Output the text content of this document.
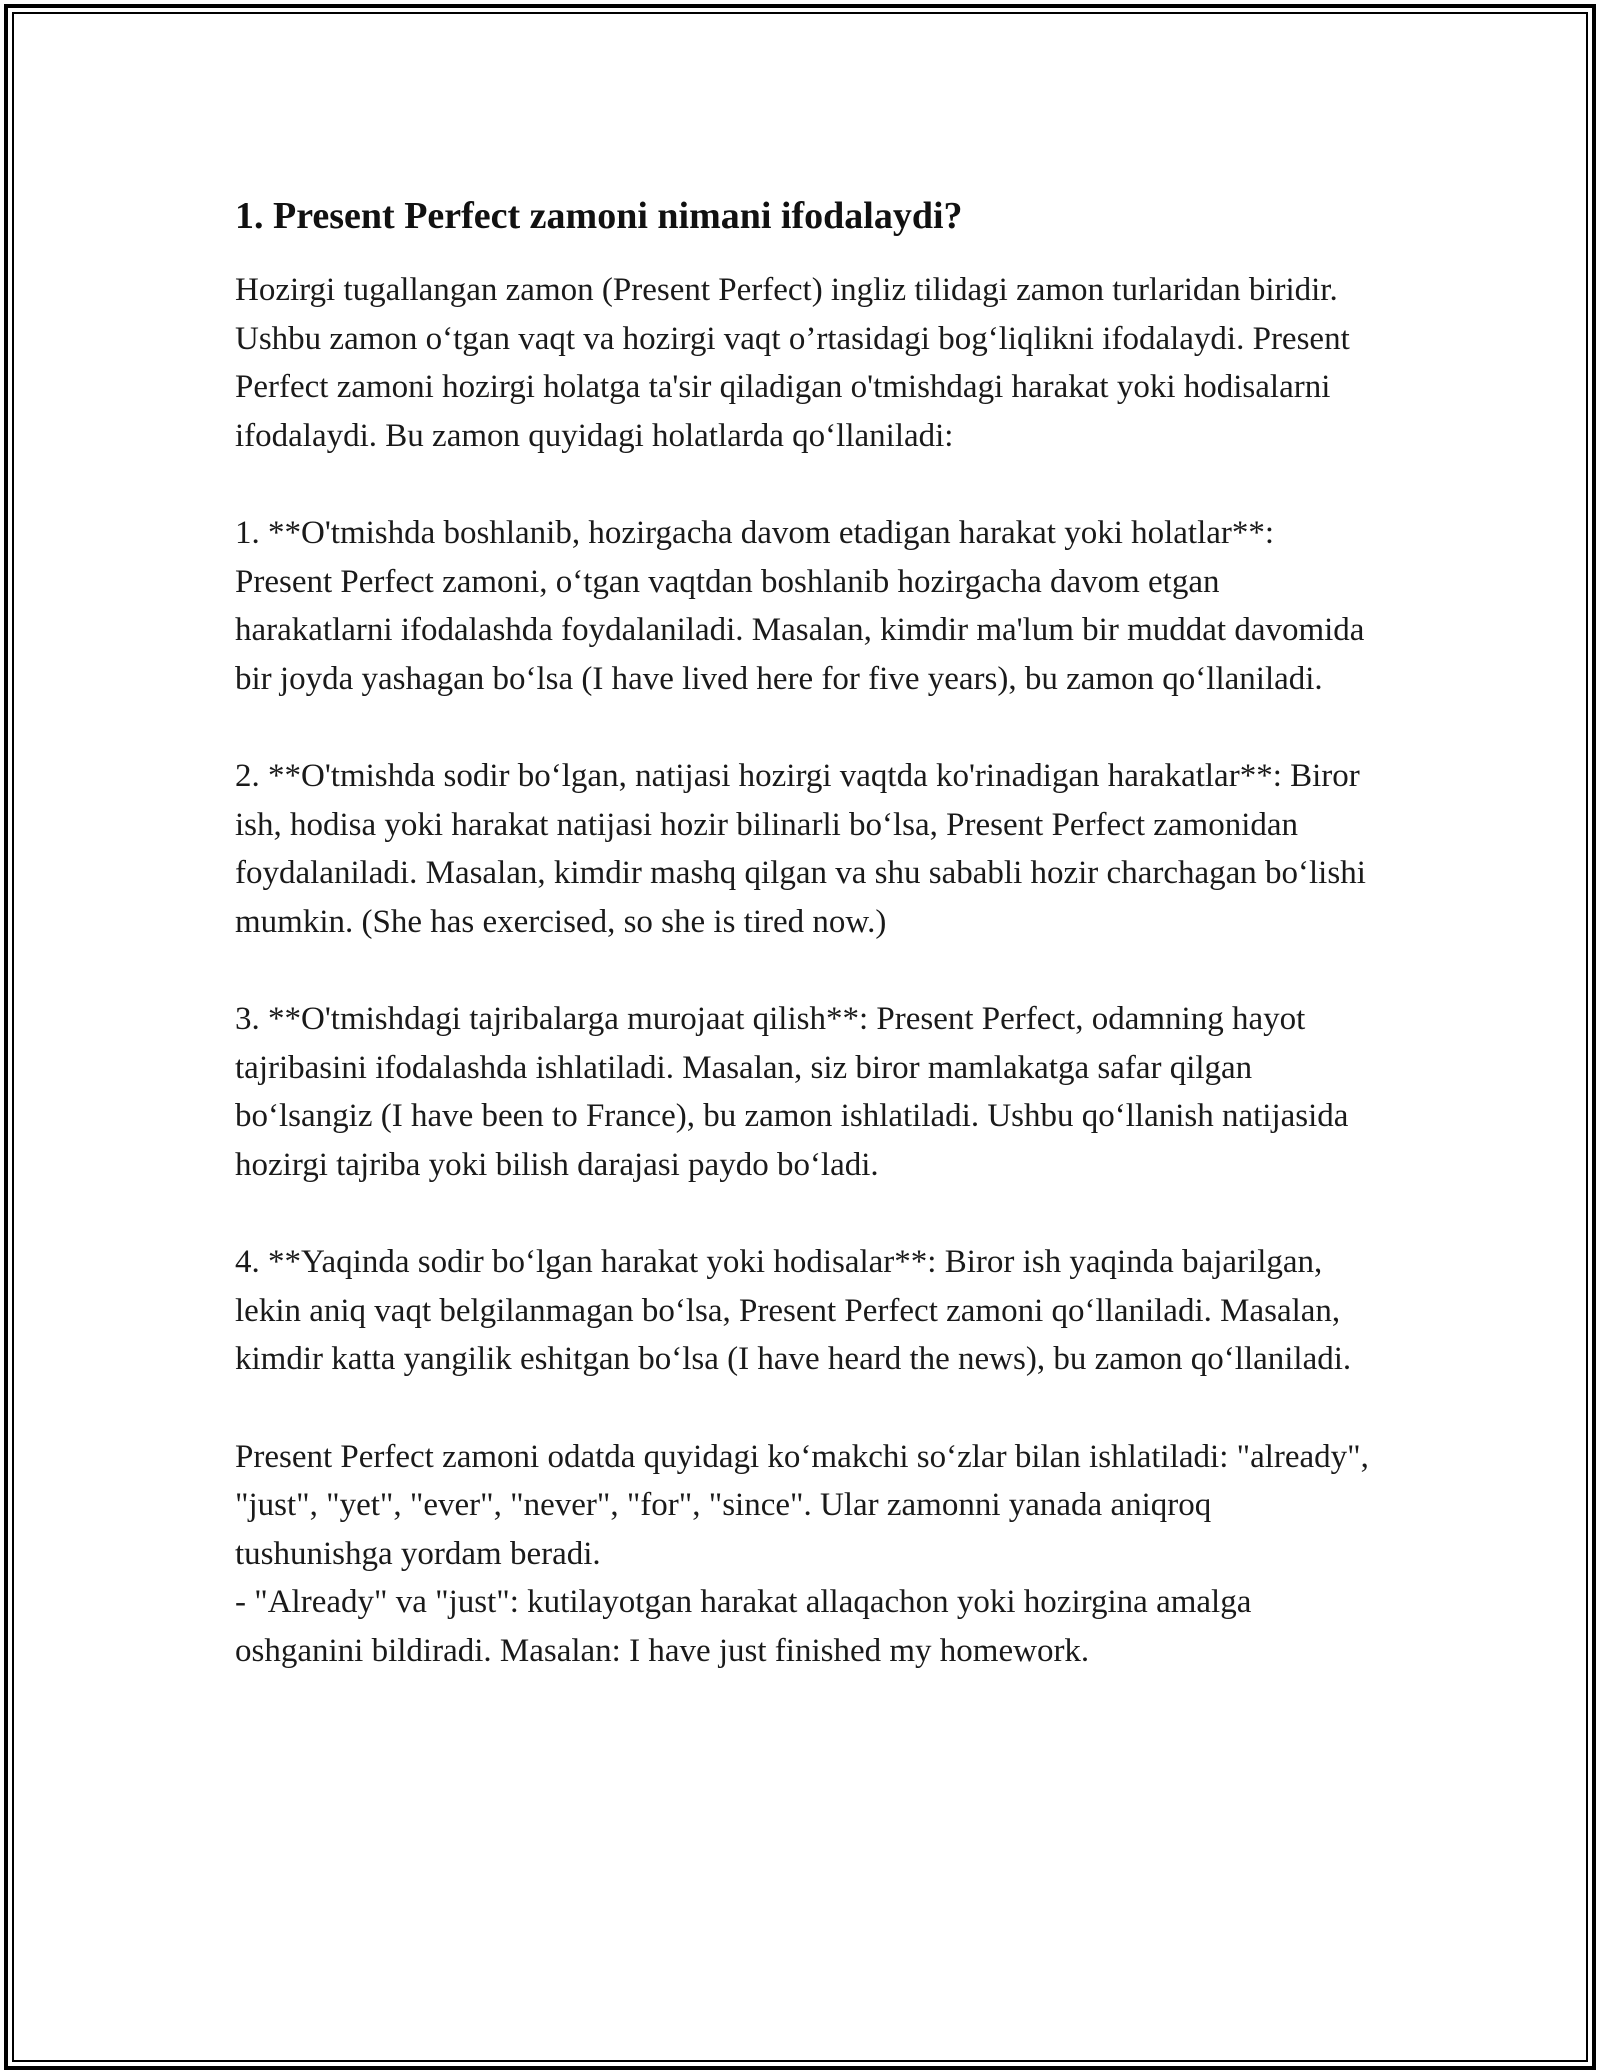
1. Present Perfect zamoni nimani ifodalaydi?

Hozirgi tugallangan zamon (Present Perfect) ingliz tilidagi zamon turlaridan biridir. Ushbu zamon o‘tgan vaqt va hozirgi vaqt o’rtasidagi bog‘liqlikni ifodalaydi. Present Perfect zamoni hozirgi holatga ta'sir qiladigan o'tmishdagi harakat yoki hodisalarni ifodalaydi. Bu zamon quyidagi holatlarda qo‘llaniladi:

1. **O'tmishda boshlanib, hozirgacha davom etadigan harakat yoki holatlar**: Present Perfect zamoni, o‘tgan vaqtdan boshlanib hozirgacha davom etgan harakatlarni ifodalashda foydalaniladi. Masalan, kimdir ma'lum bir muddat davomida bir joyda yashagan bo‘lsa (I have lived here for five years), bu zamon qo‘llaniladi.

2. **O'tmishda sodir bo‘lgan, natijasi hozirgi vaqtda ko'rinadigan harakatlar**: Biror ish, hodisa yoki harakat natijasi hozir bilinarli bo‘lsa, Present Perfect zamonidan foydalaniladi. Masalan, kimdir mashq qilgan va shu sababli hozir charchagan bo‘lishi mumkin. (She has exercised, so she is tired now.)

3. **O'tmishdagi tajribalarga murojaat qilish**: Present Perfect, odamning hayot tajribasini ifodalashda ishlatiladi. Masalan, siz biror mamlakatga safar qilgan bo‘lsangiz (I have been to France), bu zamon ishlatiladi. Ushbu qo‘llanish natijasida hozirgi tajriba yoki bilish darajasi paydo bo‘ladi.

4. **Yaqinda sodir bo‘lgan harakat yoki hodisalar**: Biror ish yaqinda bajarilgan, lekin aniq vaqt belgilanmagan bo‘lsa, Present Perfect zamoni qo‘llaniladi. Masalan, kimdir katta yangilik eshitgan bo‘lsa (I have heard the news), bu zamon qo‘llaniladi.

Present Perfect zamoni odatda quyidagi ko‘makchi so‘zlar bilan ishlatiladi: "already", "just", "yet", "ever", "never", "for", "since". Ular zamonni yanada aniqroq tushunishga yordam beradi.

- "Already" va "just": kutilayotgan harakat allaqachon yoki hozirgina amalga oshganini bildiradi. Masalan: I have just finished my homework.
